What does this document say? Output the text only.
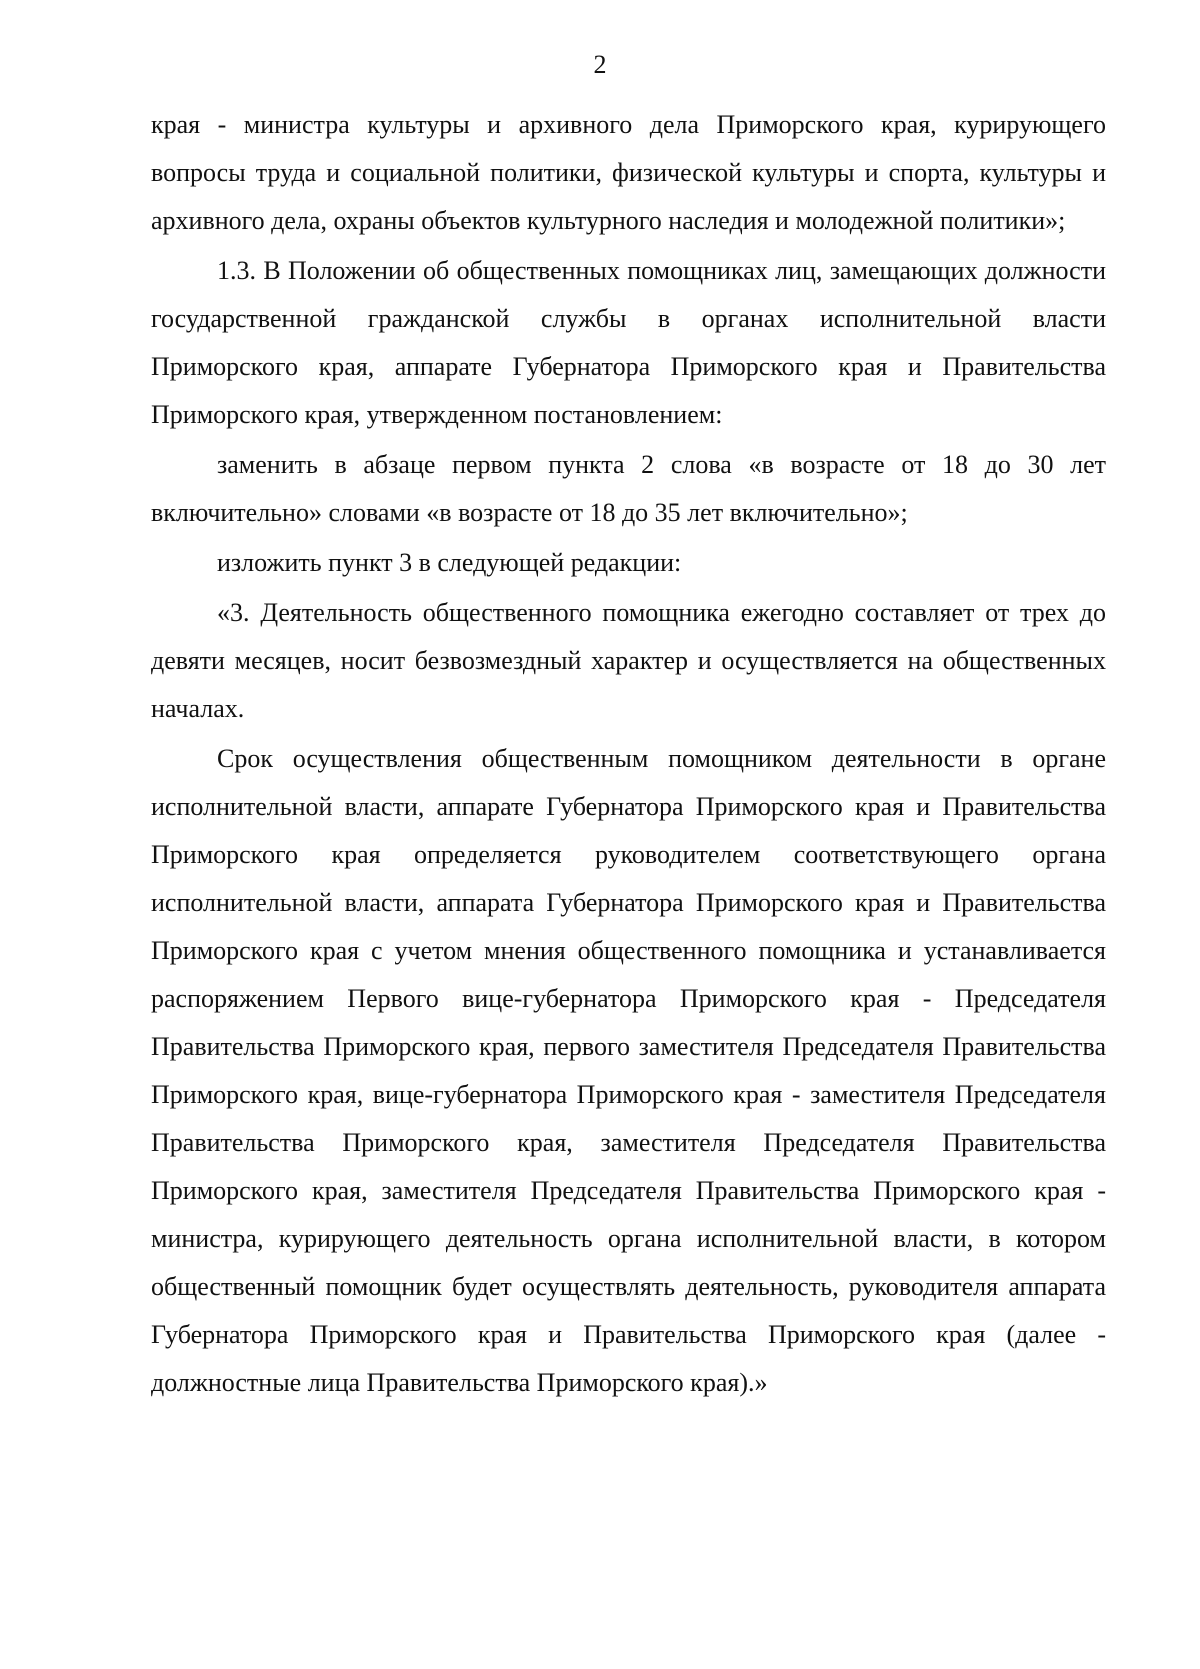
2

края - министра культуры и архивного дела Приморского края, курирующего вопросы труда и социальной политики, физической культуры и спорта, культуры и архивного дела, охраны объектов культурного наследия и молодежной политики»;

1.3. В Положении об общественных помощниках лиц, замещающих должности государственной гражданской службы в органах исполнительной власти Приморского края, аппарате Губернатора Приморского края и Правительства Приморского края, утвержденном постановлением:

заменить в абзаце первом пункта 2 слова «в возрасте от 18 до 30 лет включительно» словами «в возрасте от 18 до 35 лет включительно»;

изложить пункт 3 в следующей редакции:

«3. Деятельность общественного помощника ежегодно составляет от трех до девяти месяцев, носит безвозмездный характер и осуществляется на общественных началах.

Срок осуществления общественным помощником деятельности в органе исполнительной власти, аппарате Губернатора Приморского края и Правительства Приморского края определяется руководителем соответствующего органа исполнительной власти, аппарата Губернатора Приморского края и Правительства Приморского края с учетом мнения общественного помощника и устанавливается распоряжением Первого вице-губернатора Приморского края - Председателя Правительства Приморского края, первого заместителя Председателя Правительства Приморского края, вице-губернатора Приморского края - заместителя Председателя Правительства Приморского края, заместителя Председателя Правительства Приморского края, заместителя Председателя Правительства Приморского края - министра, курирующего деятельность органа исполнительной власти, в котором общественный помощник будет осуществлять деятельность, руководителя аппарата Губернатора Приморского края и Правительства Приморского края (далее - должностные лица Правительства Приморского края).»
